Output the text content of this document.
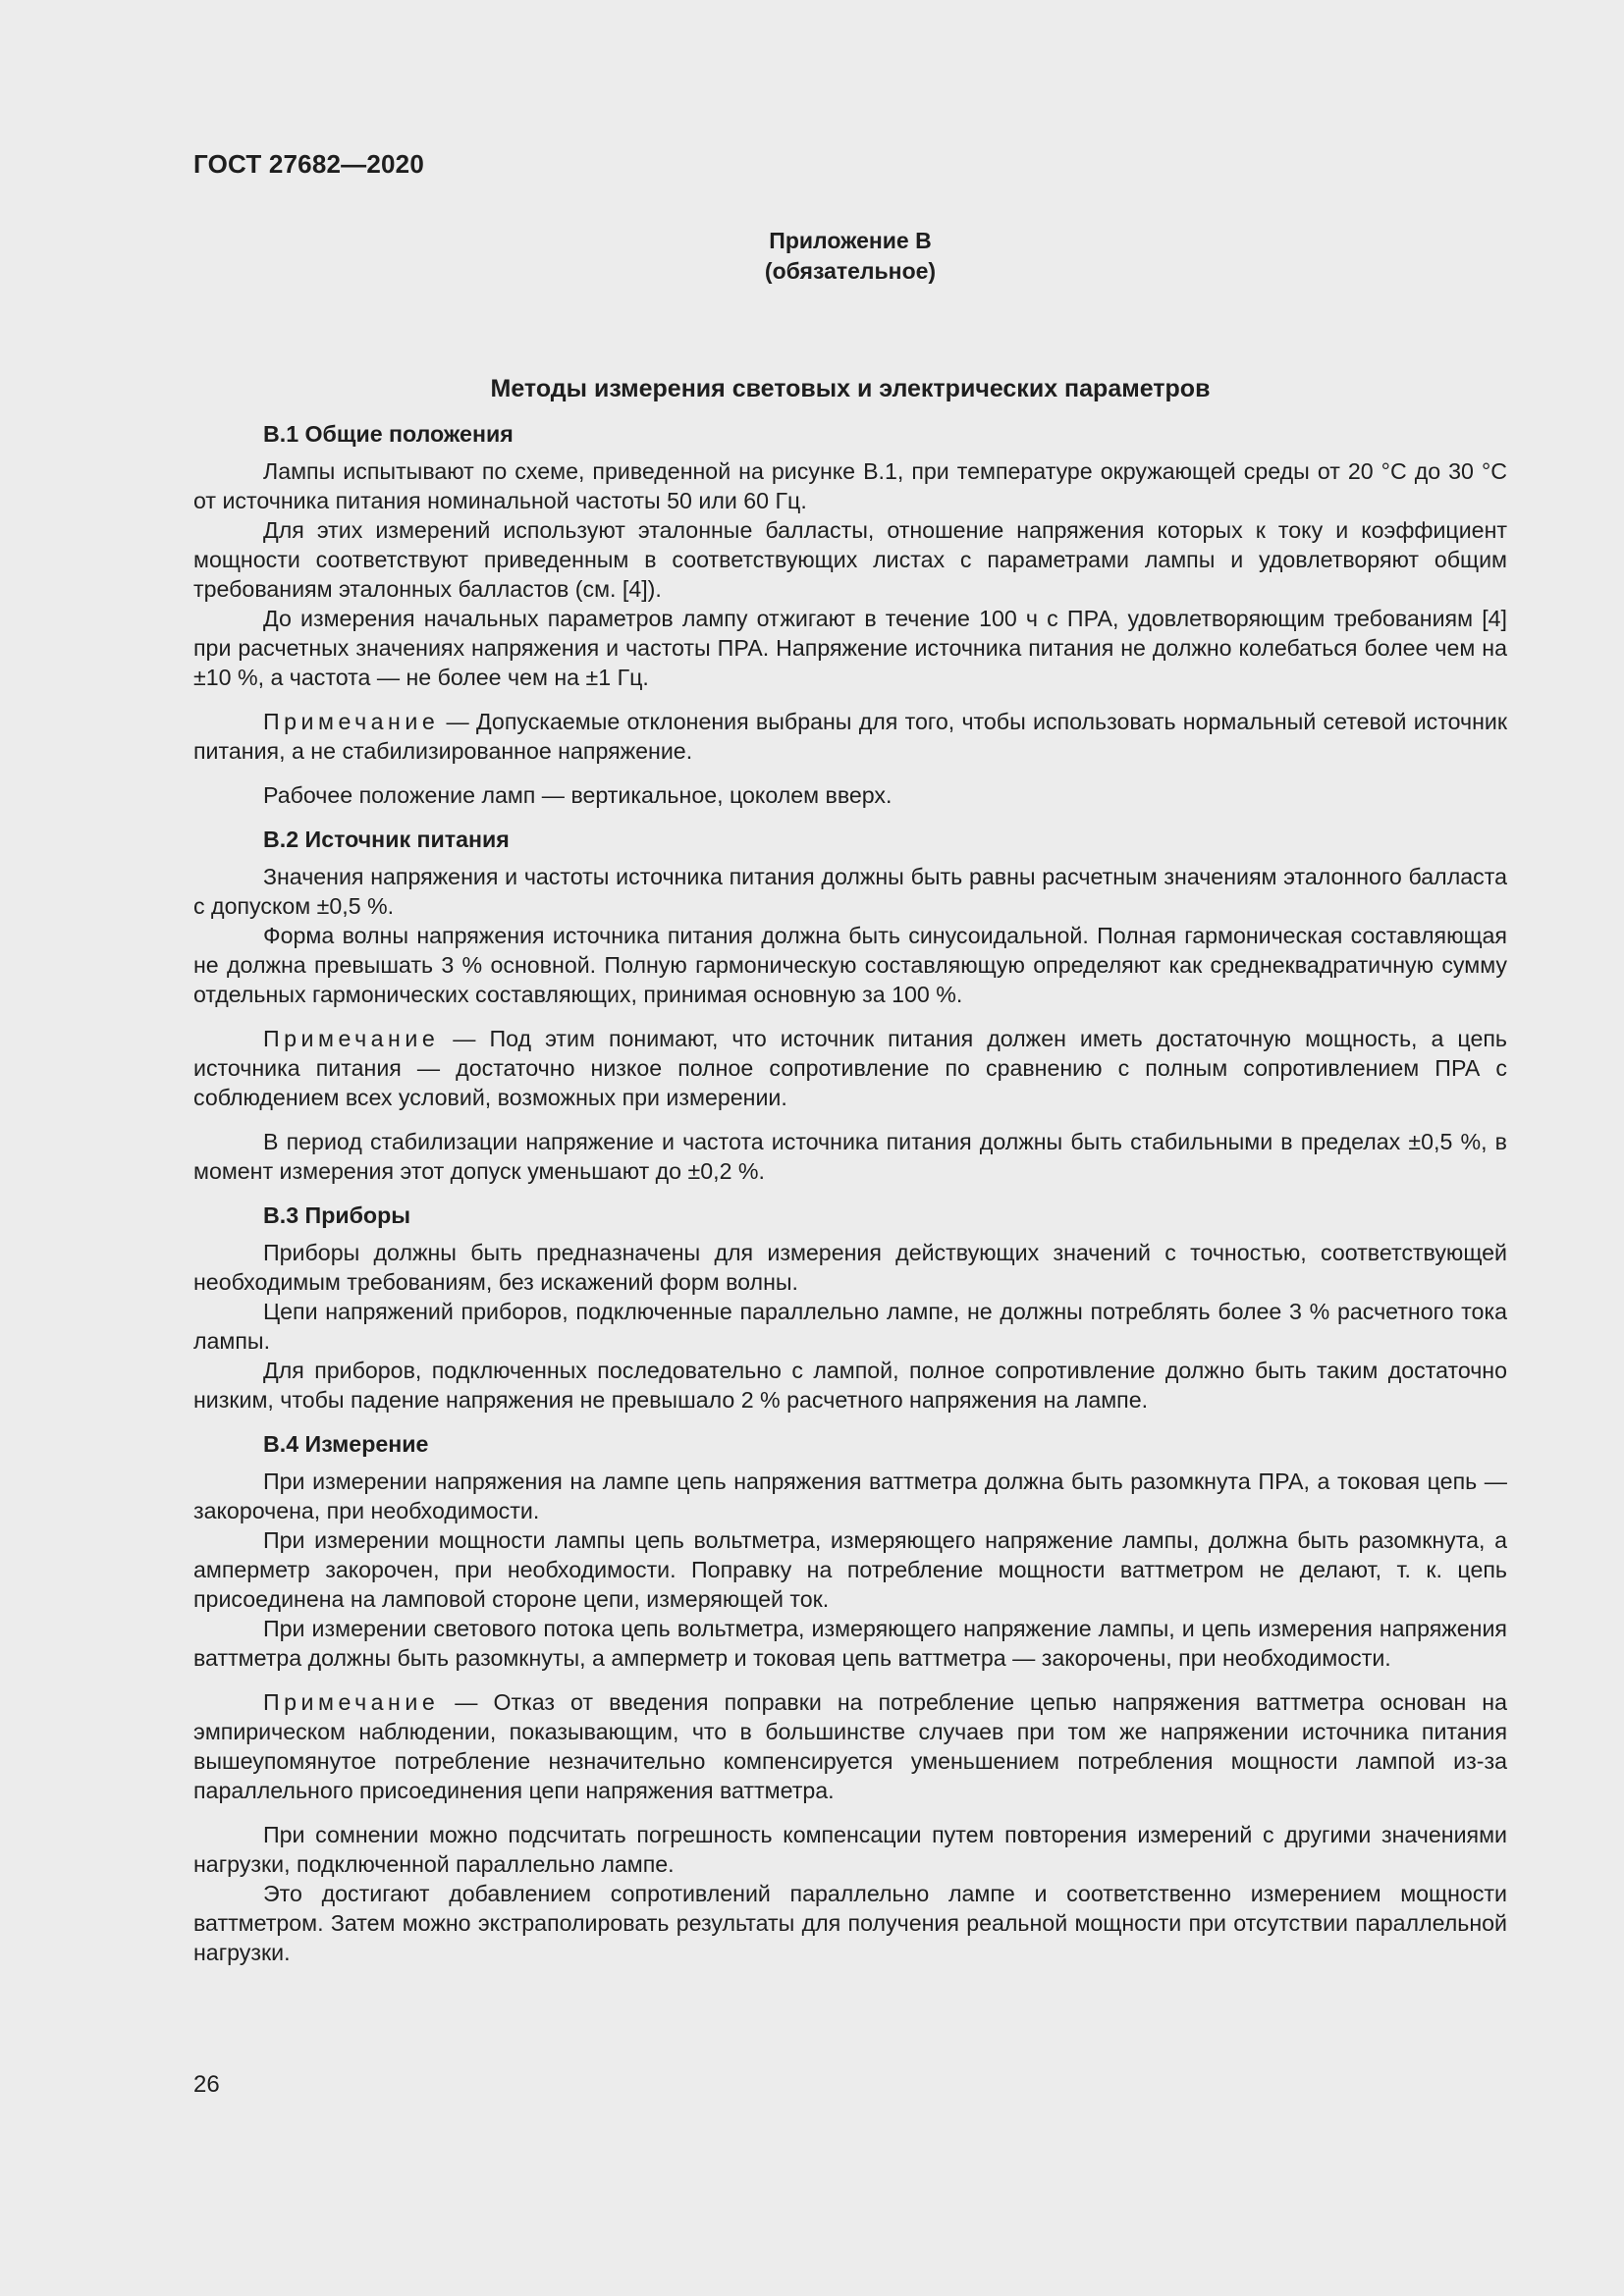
ГОСТ 27682—2020
Приложение В
(обязательное)
Методы измерения световых и электрических параметров
В.1 Общие положения

Лампы испытывают по схеме, приведенной на рисунке В.1, при температуре окружающей среды от 20 °С до 30 °С от источника питания номинальной частоты 50 или 60 Гц.

Для этих измерений используют эталонные балласты, отношение напряжения которых к току и коэффициент мощности соответствуют приведенным в соответствующих листах с параметрами лампы и удовлетворяют общим требованиям эталонных балластов (см. [4]).

До измерения начальных параметров лампу отжигают в течение 100 ч с ПРА, удовлетворяющим требованиям [4] при расчетных значениях напряжения и частоты ПРА. Напряжение источника питания не должно колебаться более чем на ±10 %, а частота — не более чем на ±1 Гц.

Примечание — Допускаемые отклонения выбраны для того, чтобы использовать нормальный сетевой источник питания, а не стабилизированное напряжение.

Рабочее положение ламп — вертикальное, цоколем вверх.

В.2 Источник питания

Значения напряжения и частоты источника питания должны быть равны расчетным значениям эталонного балласта с допуском ±0,5 %.

Форма волны напряжения источника питания должна быть синусоидальной. Полная гармоническая составляющая не должна превышать 3 % основной. Полную гармоническую составляющую определяют как среднеквадратичную сумму отдельных гармонических составляющих, принимая основную за 100 %.

Примечание — Под этим понимают, что источник питания должен иметь достаточную мощность, а цепь источника питания — достаточно низкое полное сопротивление по сравнению с полным сопротивлением ПРА с соблюдением всех условий, возможных при измерении.

В период стабилизации напряжение и частота источника питания должны быть стабильными в пределах ±0,5 %, в момент измерения этот допуск уменьшают до ±0,2 %.

В.3 Приборы

Приборы должны быть предназначены для измерения действующих значений с точностью, соответствующей необходимым требованиям, без искажений форм волны.

Цепи напряжений приборов, подключенные параллельно лампе, не должны потреблять более 3 % расчетного тока лампы.

Для приборов, подключенных последовательно с лампой, полное сопротивление должно быть таким достаточно низким, чтобы падение напряжения не превышало 2 % расчетного напряжения на лампе.

В.4 Измерение

При измерении напряжения на лампе цепь напряжения ваттметра должна быть разомкнута ПРА, а токовая цепь — закорочена, при необходимости.

При измерении мощности лампы цепь вольтметра, измеряющего напряжение лампы, должна быть разомкнута, а амперметр закорочен, при необходимости. Поправку на потребление мощности ваттметром не делают, т. к. цепь присоединена на ламповой стороне цепи, измеряющей ток.

При измерении светового потока цепь вольтметра, измеряющего напряжение лампы, и цепь измерения напряжения ваттметра должны быть разомкнуты, а амперметр и токовая цепь ваттметра — закорочены, при необходимости.

Примечание — Отказ от введения поправки на потребление цепью напряжения ваттметра основан на эмпирическом наблюдении, показывающим, что в большинстве случаев при том же напряжении источника питания вышеупомянутое потребление незначительно компенсируется уменьшением потребления мощности лампой из-за параллельного присоединения цепи напряжения ваттметра.

При сомнении можно подсчитать погрешность компенсации путем повторения измерений с другими значениями нагрузки, подключенной параллельно лампе.

Это достигают добавлением сопротивлений параллельно лампе и соответственно измерением мощности ваттметром. Затем можно экстраполировать результаты для получения реальной мощности при отсутствии параллельной нагрузки.

26
